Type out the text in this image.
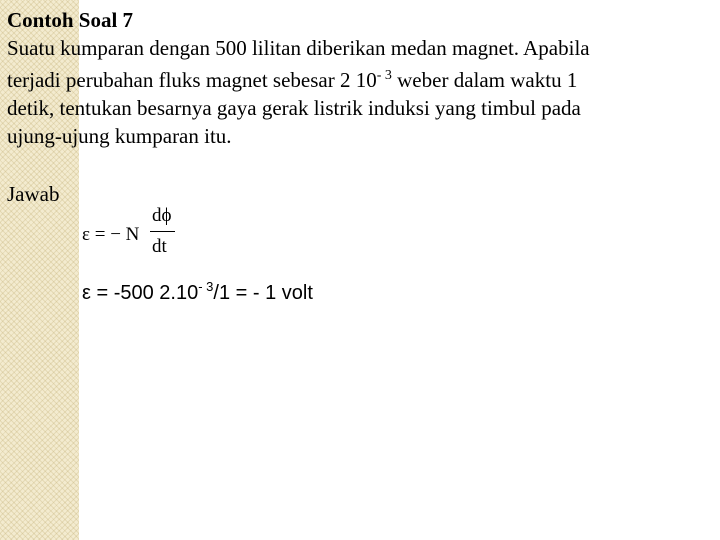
Contoh Soal 7

Suatu kumparan dengan 500 lilitan diberikan medan magnet. Apabila
terjadi perubahan fluks magnet sebesar 2 $10^{- 3}$ weber dalam waktu 1
detik, tentukan besarnya gaya gerak listrik induksi yang timbul pada
ujung-ujung kumparan itu.

Jawab
ε = − N
dϕ
dt
ε = -500 $2.10^{- 3}/1$ = - 1 volt
